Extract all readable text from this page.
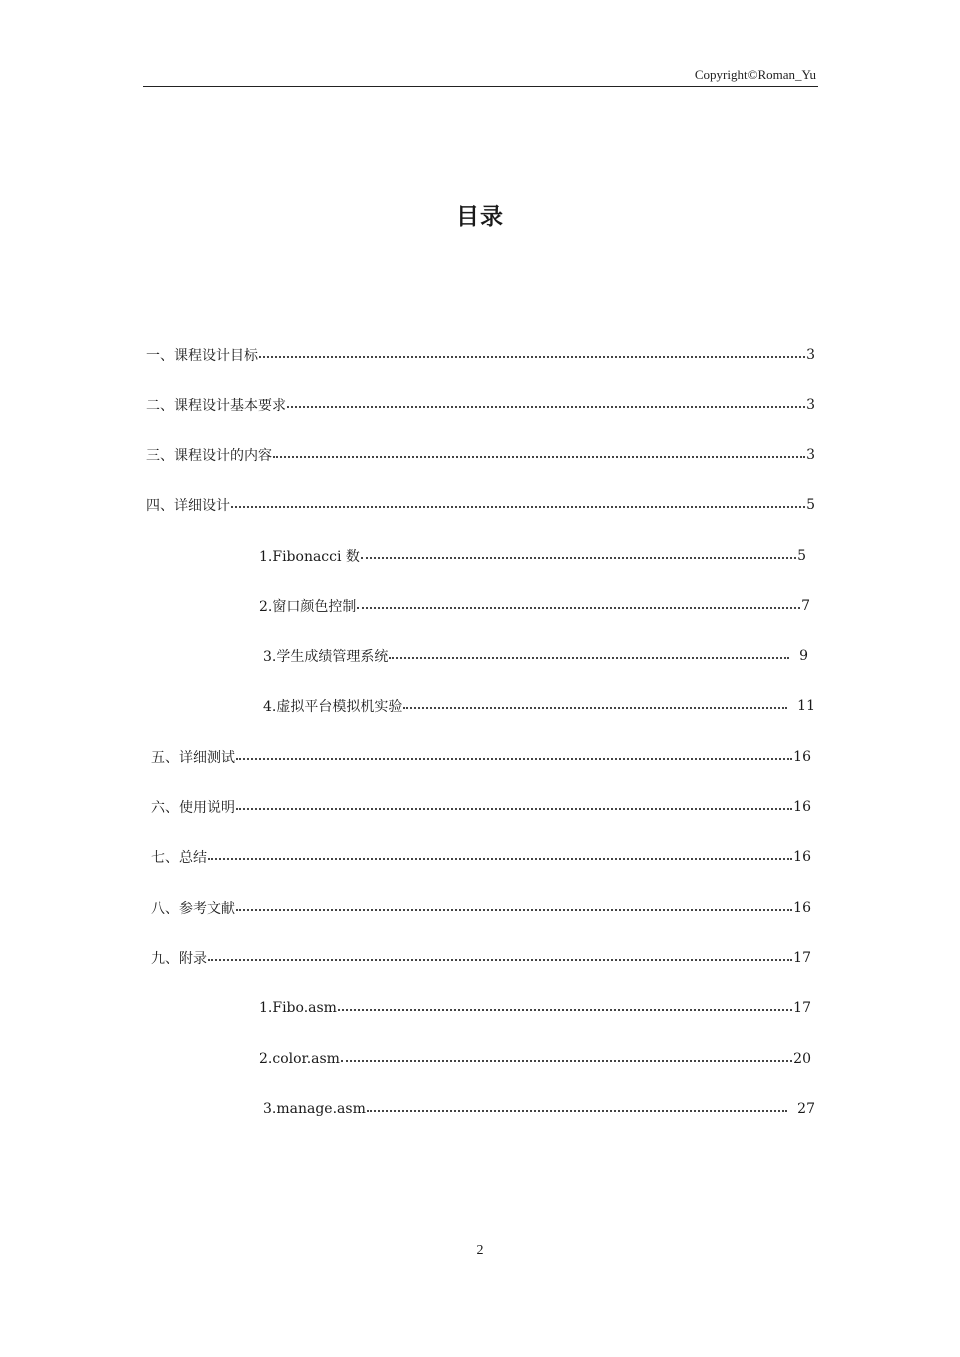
Copyright©Roman_Yu
目录
一、课程设计目标	3
二、课程设计基本要求	3
三、课程设计的内容	3
四、详细设计	5
1.Fibonacci 数	5
2.窗口颜色控制	7
3.学生成绩管理系统	9
4.虚拟平台模拟机实验	11
五、详细测试	16
六、使用说明	16
七、总结	16
八、参考文献	16
九、附录	17
1.Fibo.asm	17
2.color.asm	20
3.manage.asm	27
2
